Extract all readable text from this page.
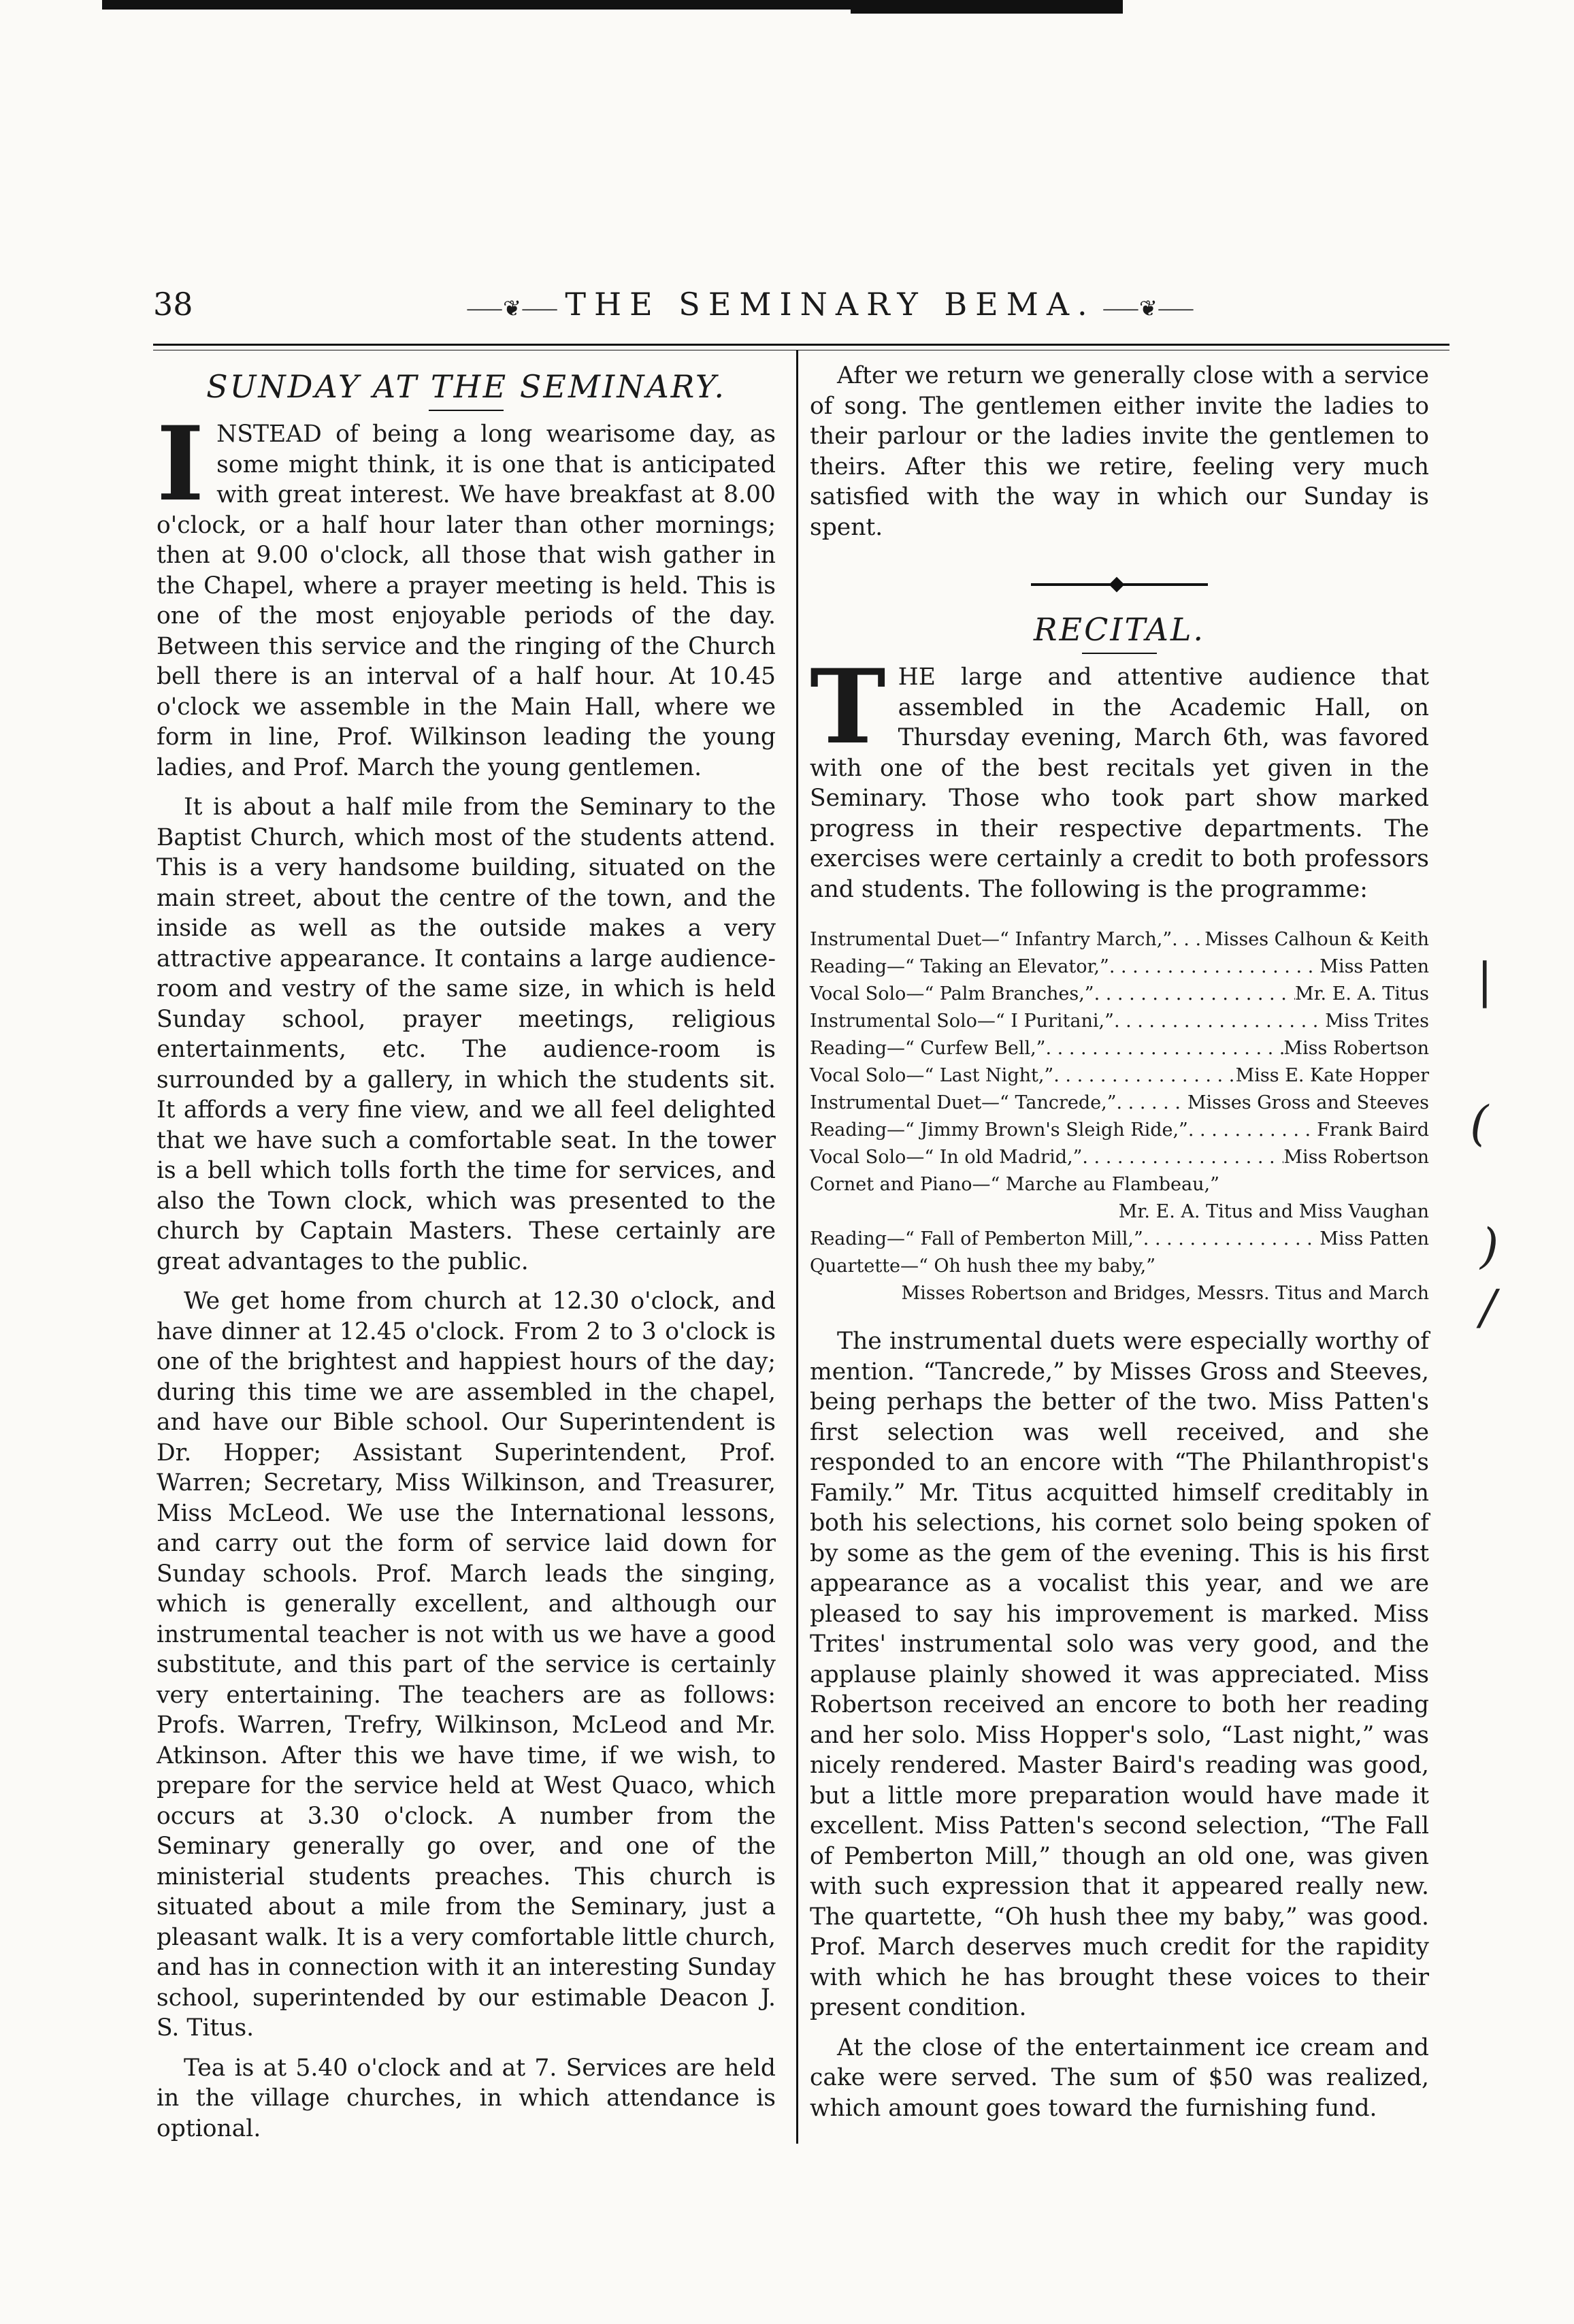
38	⸺❦⸺ THE SEMINARY BEMA. ⸺❦⸺
SUNDAY AT THE SEMINARY.

INSTEAD of being a long wearisome day, as some might think, it is one that is anticipated with great interest. We have breakfast at 8.00 o'clock, or a half hour later than other mornings; then at 9.00 o'clock, all those that wish gather in the Chapel, where a prayer meeting is held. This is one of the most enjoyable periods of the day. Between this service and the ringing of the Church bell there is an interval of a half hour. At 10.45 o'clock we assemble in the Main Hall, where we form in line, Prof. Wilkinson leading the young ladies, and Prof. March the young gentlemen.

It is about a half mile from the Seminary to the Baptist Church, which most of the students attend. This is a very handsome building, situated on the main street, about the centre of the town, and the inside as well as the outside makes a very attractive appearance. It contains a large audience-room and vestry of the same size, in which is held Sunday school, prayer meetings, religious entertainments, etc. The audience-room is surrounded by a gallery, in which the students sit. It affords a very fine view, and we all feel delighted that we have such a comfortable seat. In the tower is a bell which tolls forth the time for services, and also the Town clock, which was presented to the church by Captain Masters. These certainly are great advantages to the public.

We get home from church at 12.30 o'clock, and have dinner at 12.45 o'clock. From 2 to 3 o'clock is one of the brightest and happiest hours of the day; during this time we are assembled in the chapel, and have our Bible school. Our Superintendent is Dr. Hopper; Assistant Superintendent, Prof. Warren; Secretary, Miss Wilkinson, and Treasurer, Miss McLeod. We use the International lessons, and carry out the form of service laid down for Sunday schools. Prof. March leads the singing, which is generally excellent, and although our instrumental teacher is not with us we have a good substitute, and this part of the service is certainly very entertaining. The teachers are as follows: Profs. Warren, Trefry, Wilkinson, McLeod and Mr. Atkinson. After this we have time, if we wish, to prepare for the service held at West Quaco, which occurs at 3.30 o'clock. A number from the Seminary generally go over, and one of the ministerial students preaches. This church is situated about a mile from the Seminary, just a pleasant walk. It is a very comfortable little church, and has in connection with it an interesting Sunday school, superintended by our estimable Deacon J. S. Titus.

Tea is at 5.40 o'clock and at 7. Services are held in the village churches, in which attendance is optional.

After we return we generally close with a service of song. The gentlemen either invite the ladies to their parlour or the ladies invite the gentlemen to theirs. After this we retire, feeling very much satisfied with the way in which our Sunday is spent.

RECITAL.

THE large and attentive audience that assembled in the Academic Hall, on Thursday evening, March 6th, was favored with one of the best recitals yet given in the Seminary. Those who took part show marked progress in their respective departments. The exercises were certainly a credit to both professors and students. The following is the programme:

Instrumental Duet—“ Infantry March,” . . . Misses Calhoun & Keith
Reading—“ Taking an Elevator,” . . .	Miss Patten
Vocal Solo—“ Palm Branches,” . . .	Mr. E. A. Titus
Instrumental Solo—“ I Puritani,” . . .	Miss Trites
Reading—“ Curfew Bell,” . . .	Miss Robertson
Vocal Solo—“ Last Night,” . . .	Miss E. Kate Hopper
Instrumental Duet—“ Tancrede,” . . .	Misses Gross and Steeves
Reading—“ Jimmy Brown's Sleigh Ride,” . . .	Frank Baird
Vocal Solo—“ In old Madrid,” . . .	Miss Robertson
Cornet and Piano—“ Marche au Flambeau,”
Mr. E. A. Titus and Miss Vaughan
Reading—“ Fall of Pemberton Mill,” . . .	Miss Patten
Quartette—“ Oh hush thee my baby,”
Misses Robertson and Bridges, Messrs. Titus and March

The instrumental duets were especially worthy of mention. “Tancrede,” by Misses Gross and Steeves, being perhaps the better of the two. Miss Patten's first selection was well received, and she responded to an encore with “The Philanthropist's Family.” Mr. Titus acquitted himself creditably in both his selections, his cornet solo being spoken of by some as the gem of the evening. This is his first appearance as a vocalist this year, and we are pleased to say his improvement is marked. Miss Trites' instrumental solo was very good, and the applause plainly showed it was appreciated. Miss Robertson received an encore to both her reading and her solo. Miss Hopper's solo, “Last night,” was nicely rendered. Master Baird's reading was good, but a little more preparation would have made it excellent. Miss Patten's second selection, “The Fall of Pemberton Mill,” though an old one, was given with such expression that it appeared really new. The quartette, “Oh hush thee my baby,” was good. Prof. March deserves much credit for the rapidity with which he has brought these voices to their present condition.

At the close of the entertainment ice cream and cake were served. The sum of $50 was realized, which amount goes toward the furnishing fund.

|
(
)
/
